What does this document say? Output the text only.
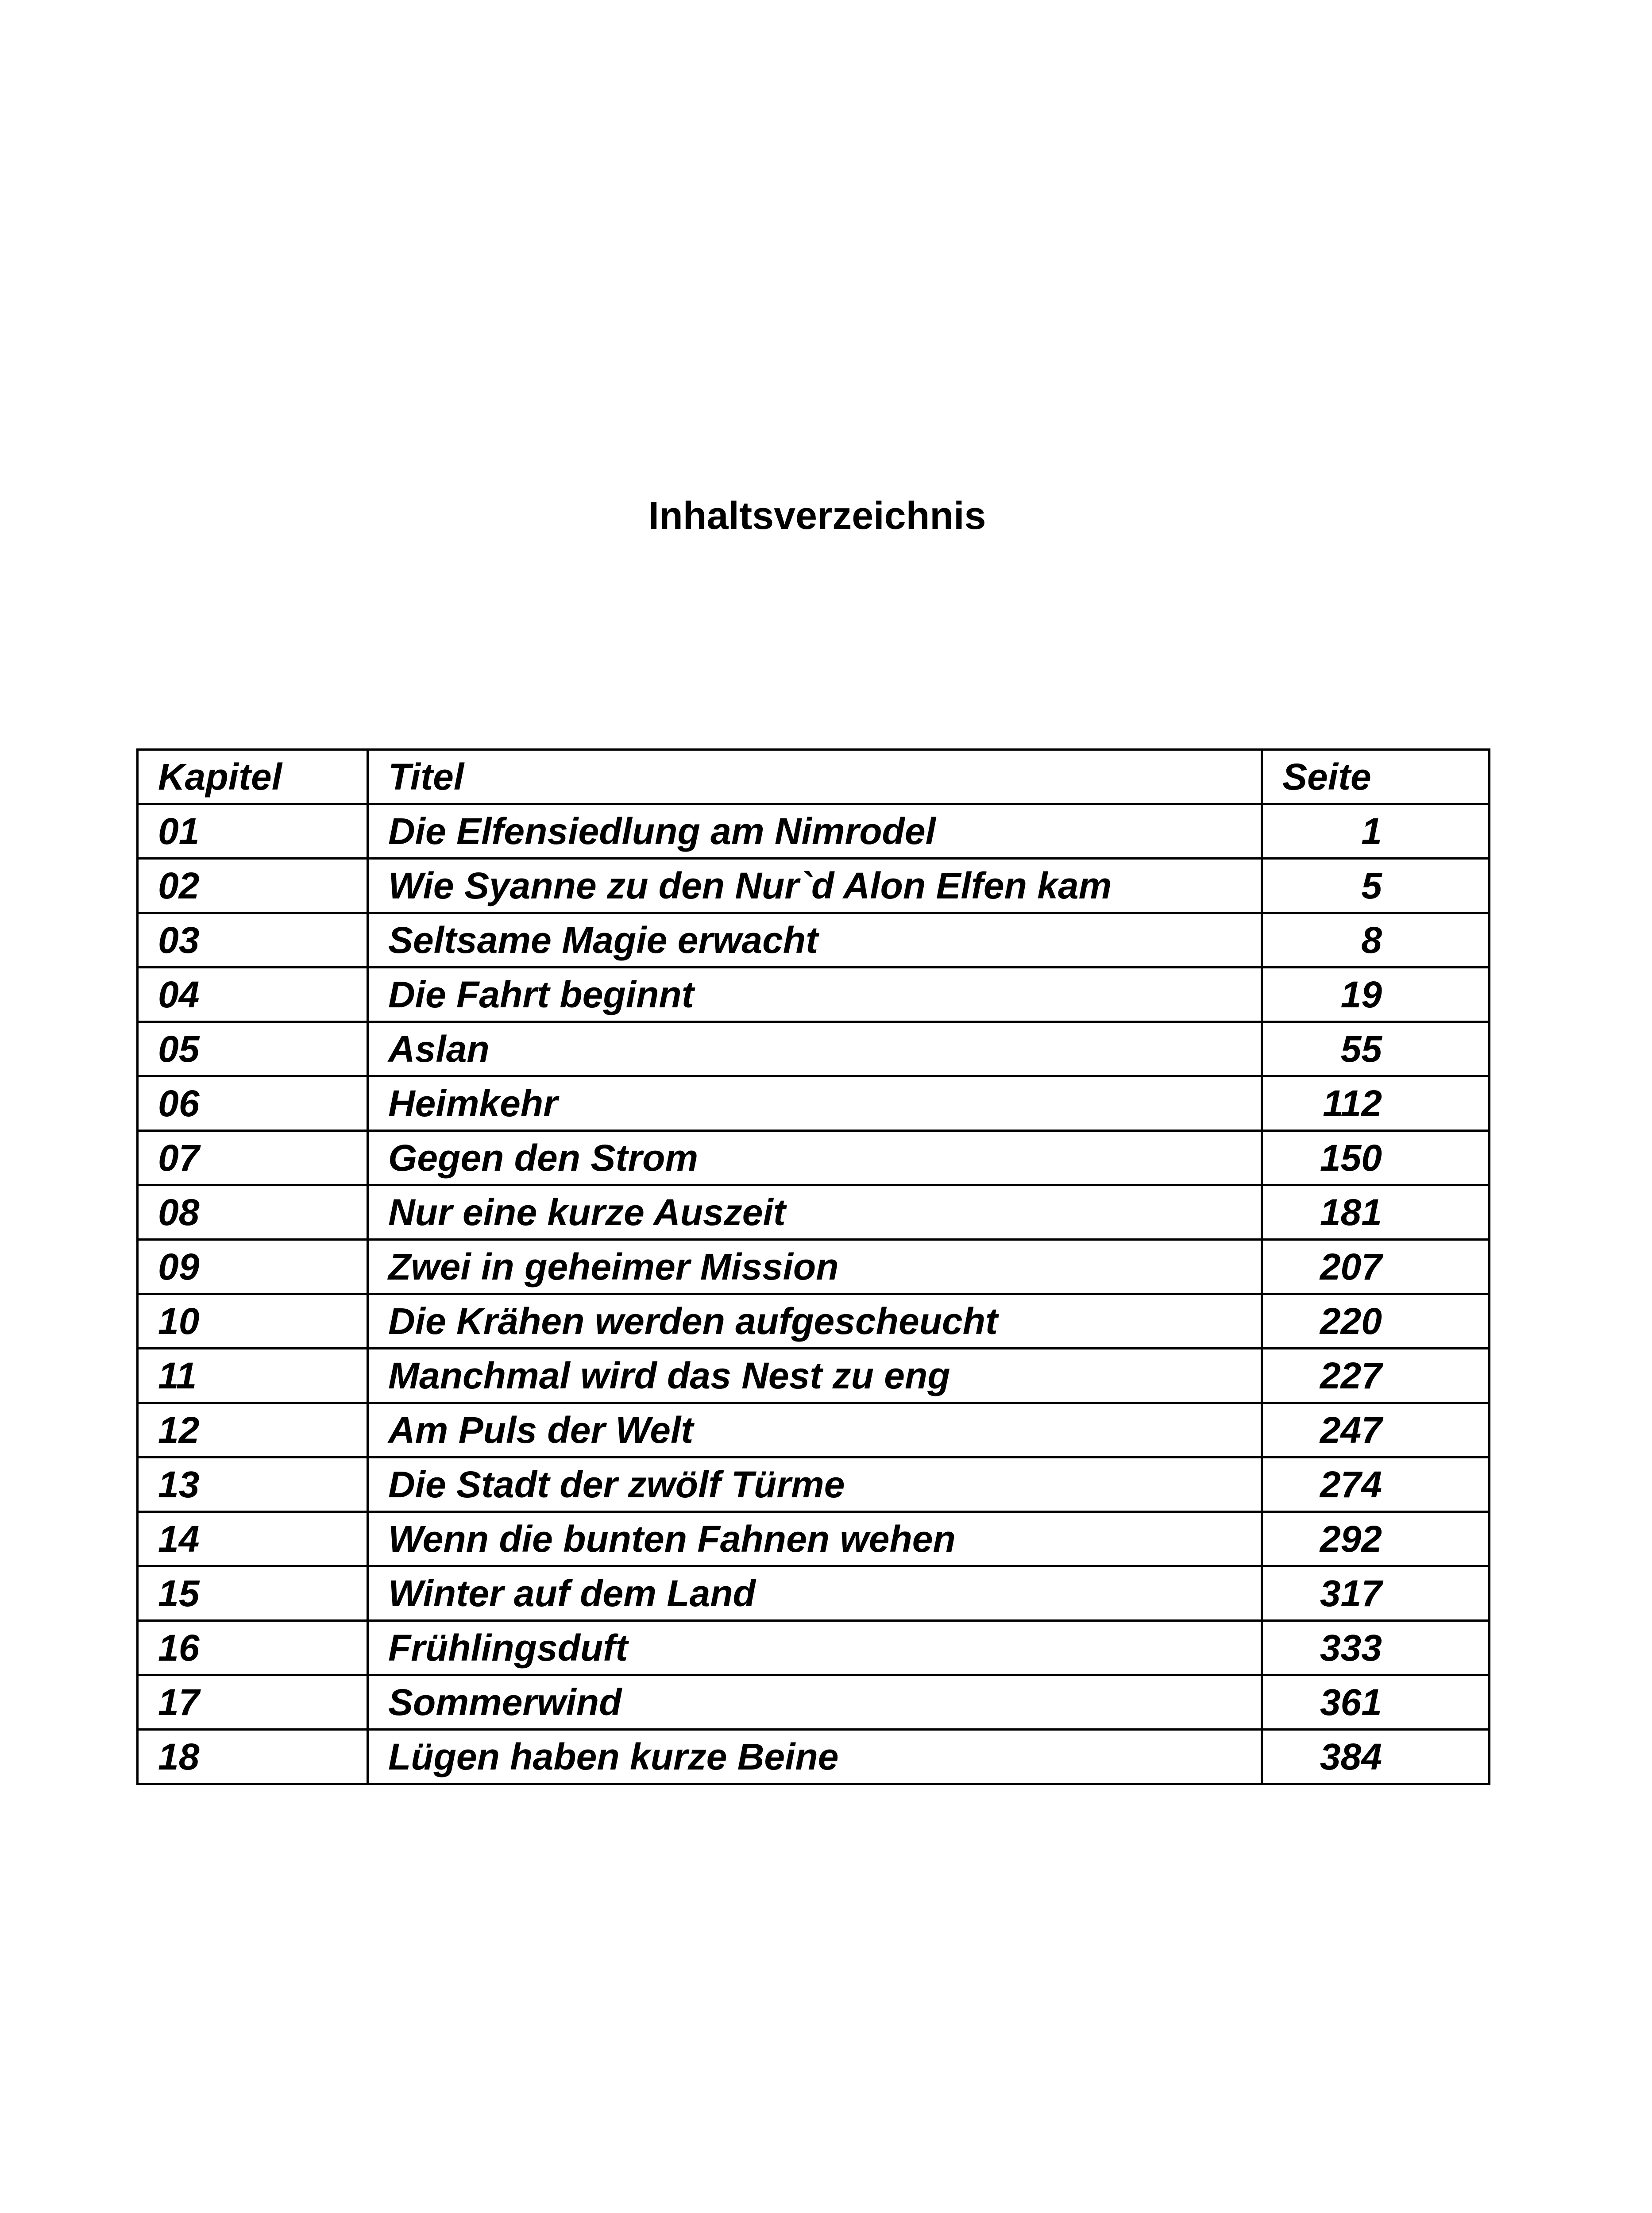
Inhaltsverzeichnis
Kapitel	Titel	Seite
01	Die Elfensiedlung am Nimrodel	1
02	Wie Syanne zu den Nur`d Alon Elfen kam	5
03	Seltsame Magie erwacht	8
04	Die Fahrt beginnt	19
05	Aslan	55
06	Heimkehr	112
07	Gegen den Strom	150
08	Nur eine kurze Auszeit	181
09	Zwei in geheimer Mission	207
10	Die Krähen werden aufgescheucht	220
11	Manchmal wird das Nest zu eng	227
12	Am Puls der Welt	247
13	Die Stadt der zwölf Türme	274
14	Wenn die bunten Fahnen wehen	292
15	Winter auf dem Land	317
16	Frühlingsduft	333
17	Sommerwind	361
18	Lügen haben kurze Beine	384
